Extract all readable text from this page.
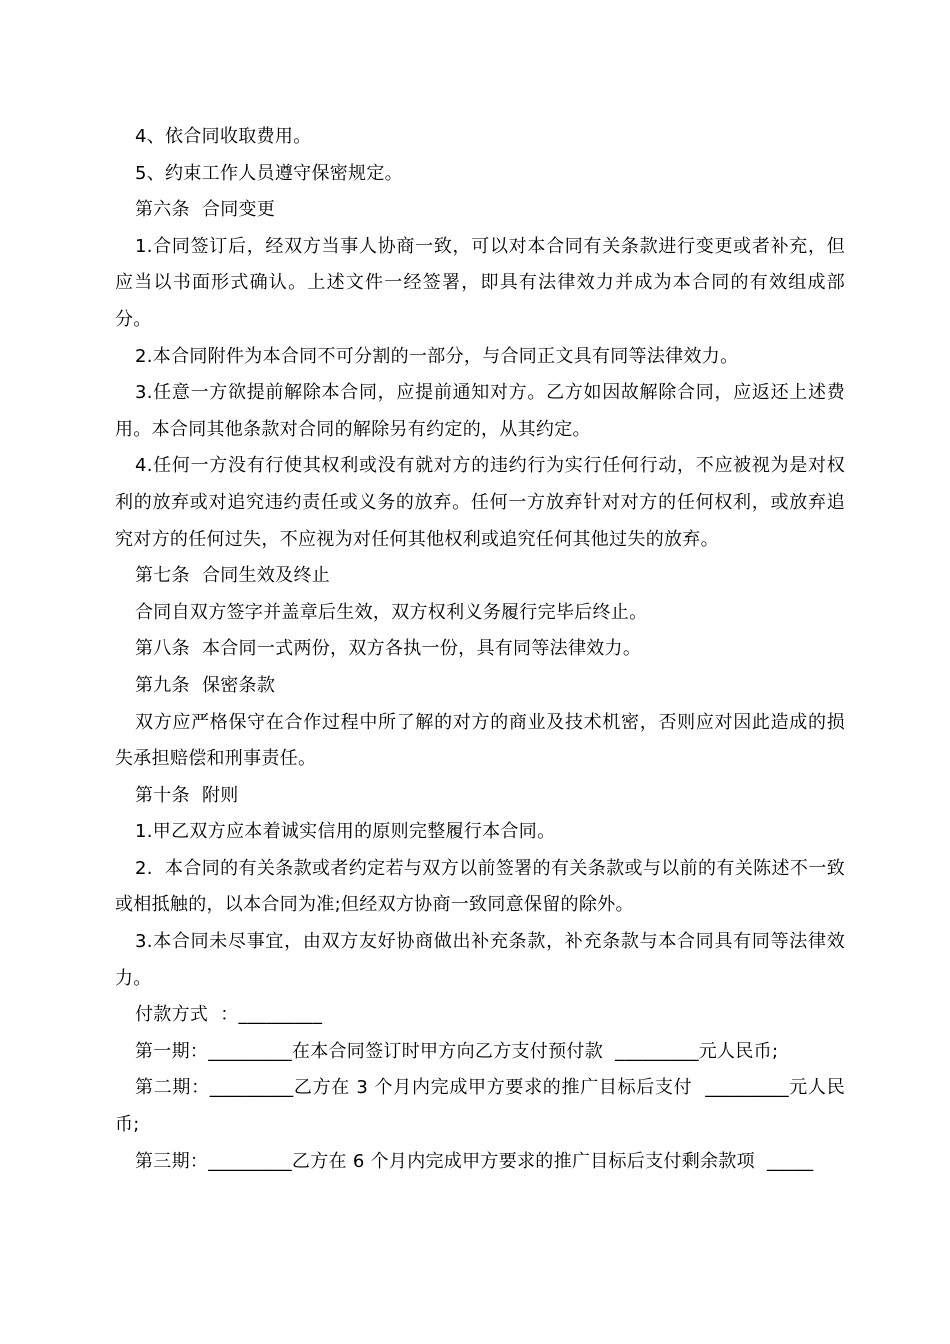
4、依合同收取费用。

5、约束工作人员遵守保密规定。

第六条  合同变更

1.合同签订后，经双方当事人协商一致，可以对本合同有关条款进行变更或者补充，但应当以书面形式确认。上述文件一经签署，即具有法律效力并成为本合同的有效组成部分。

2.本合同附件为本合同不可分割的一部分，与合同正文具有同等法律效力。

3.任意一方欲提前解除本合同，应提前通知对方。乙方如因故解除合同，应返还上述费用。本合同其他条款对合同的解除另有约定的，从其约定。

4.任何一方没有行使其权利或没有就对方的违约行为实行任何行动，不应被视为是对权利的放弃或对追究违约责任或义务的放弃。任何一方放弃针对对方的任何权利，或放弃追究对方的任何过失，不应视为对任何其他权利或追究任何其他过失的放弃。

第七条  合同生效及终止

合同自双方签字并盖章后生效，双方权利义务履行完毕后终止。

第八条  本合同一式两份，双方各执一份，具有同等法律效力。

第九条  保密条款

双方应严格保守在合作过程中所了解的对方的商业及技术机密，否则应对因此造成的损失承担赔偿和刑事责任。

第十条  附则

1.甲乙双方应本着诚实信用的原则完整履行本合同。

2.  本合同的有关条款或者约定若与双方以前签署的有关条款或与以前的有关陈述不一致或相抵触的，以本合同为准;但经双方协商一致同意保留的除外。

3.本合同未尽事宜，由双方友好协商做出补充条款，补充条款与本合同具有同等法律效力。

付款方式  ：_________

第一期：_________在本合同签订时甲方向乙方支付预付款  _________元人民币;

第二期：_________乙方在 3 个月内完成甲方要求的推广目标后支付  _________元人民币;

第三期：_________乙方在 6 个月内完成甲方要求的推广目标后支付剩余款项  _____
